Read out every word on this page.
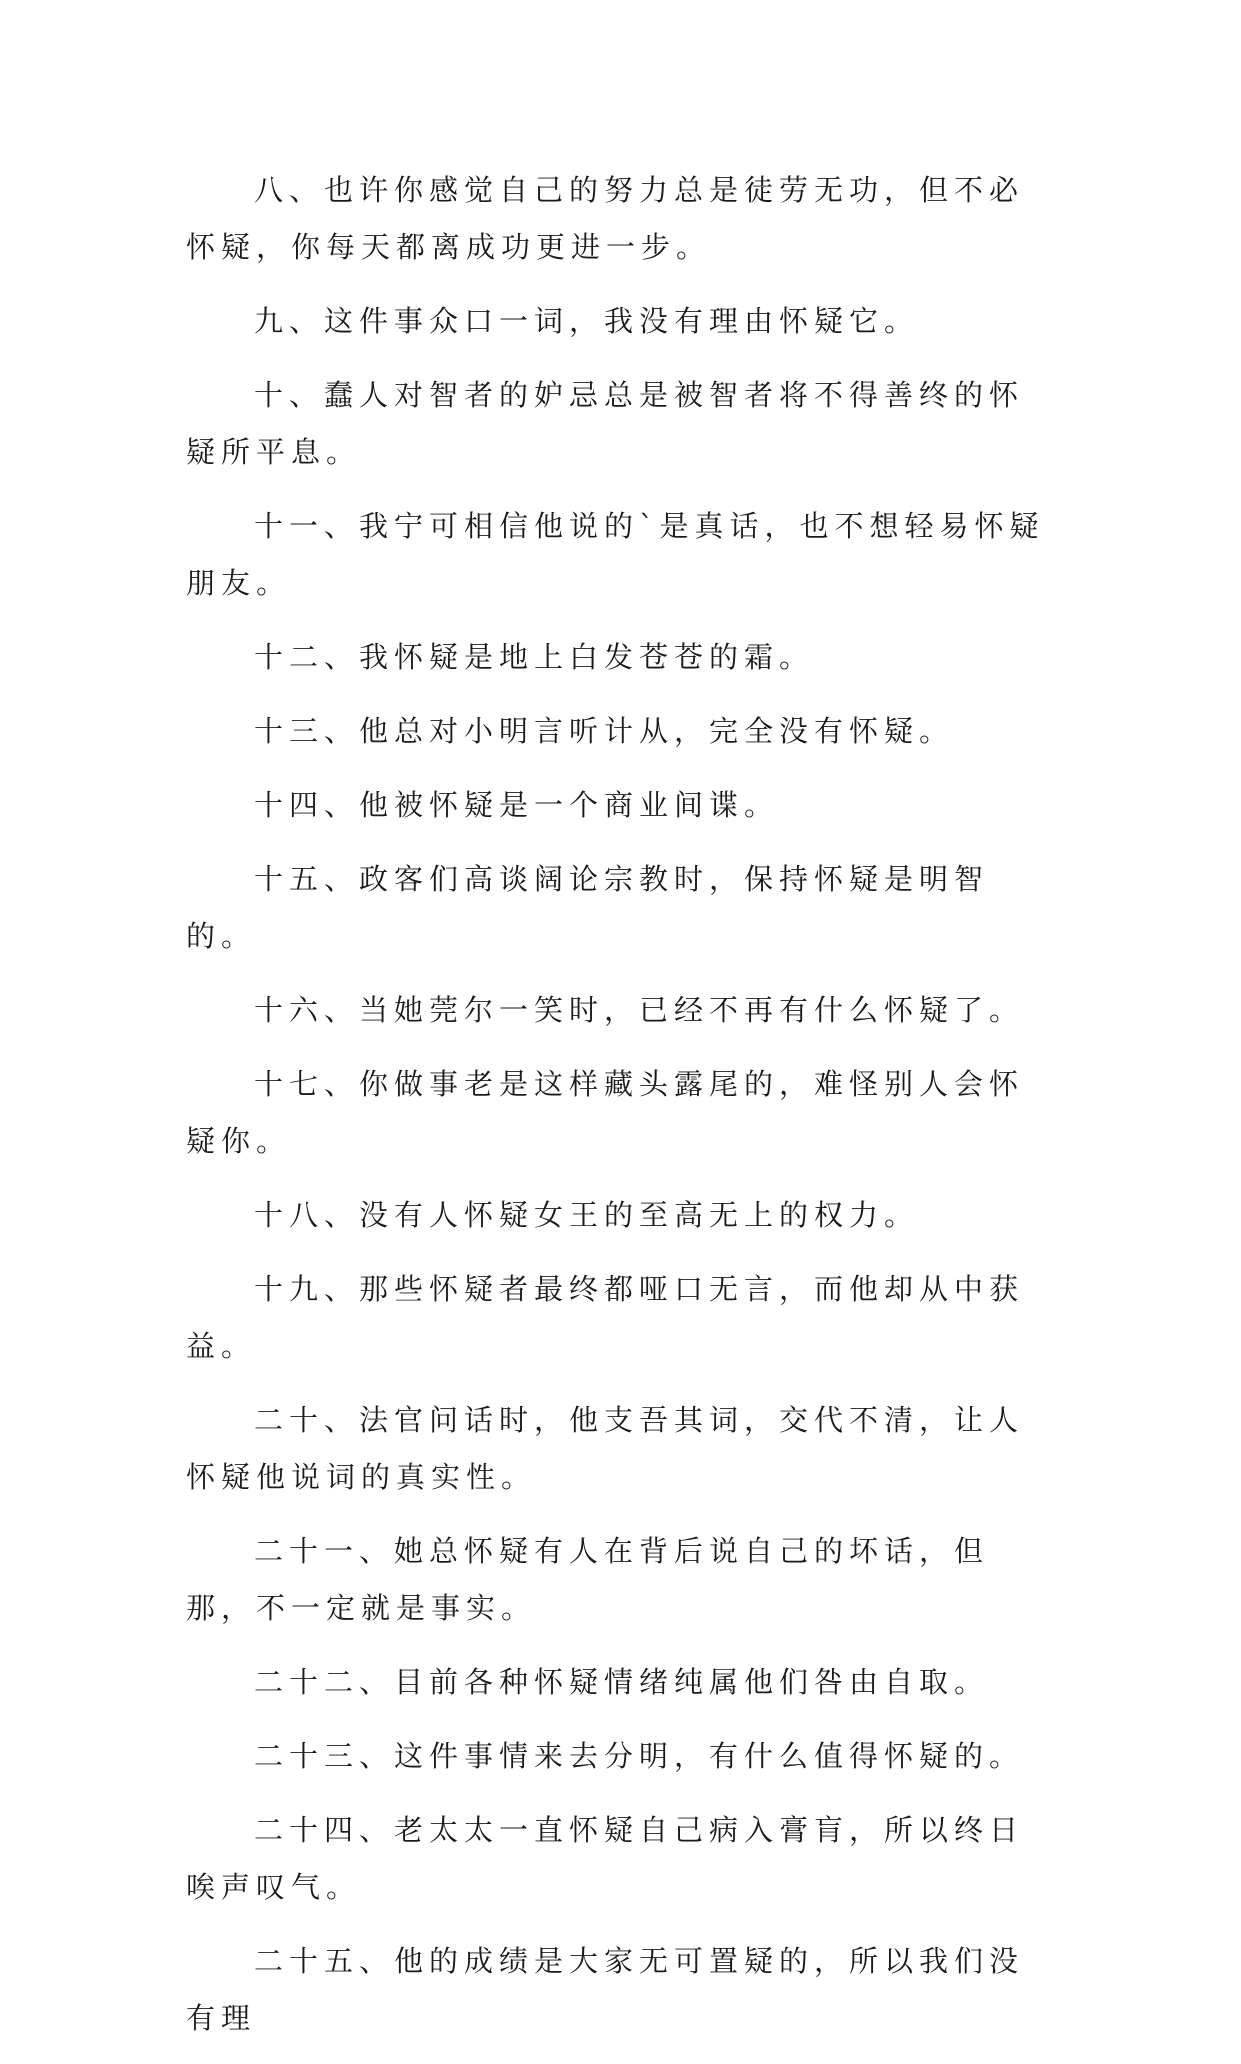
八、也许你感觉自己的努力总是徒劳无功，但不必怀疑，你每天都离成功更进一步。

九、这件事众口一词，我没有理由怀疑它。

十、蠢人对智者的妒忌总是被智者将不得善终的怀疑所平息。

十一、我宁可相信他说的`是真话，也不想轻易怀疑朋友。

十二、我怀疑是地上白发苍苍的霜。

十三、他总对小明言听计从，完全没有怀疑。

十四、他被怀疑是一个商业间谍。

十五、政客们高谈阔论宗教时，保持怀疑是明智的。

十六、当她莞尔一笑时，已经不再有什么怀疑了。

十七、你做事老是这样藏头露尾的，难怪别人会怀疑你。

十八、没有人怀疑女王的至高无上的权力。

十九、那些怀疑者最终都哑口无言，而他却从中获益。

二十、法官问话时，他支吾其词，交代不清，让人怀疑他说词的真实性。

二十一、她总怀疑有人在背后说自己的坏话，但那，不一定就是事实。

二十二、目前各种怀疑情绪纯属他们咎由自取。

二十三、这件事情来去分明，有什么值得怀疑的。

二十四、老太太一直怀疑自己病入膏肓，所以终日唉声叹气。

二十五、他的成绩是大家无可置疑的，所以我们没有理
